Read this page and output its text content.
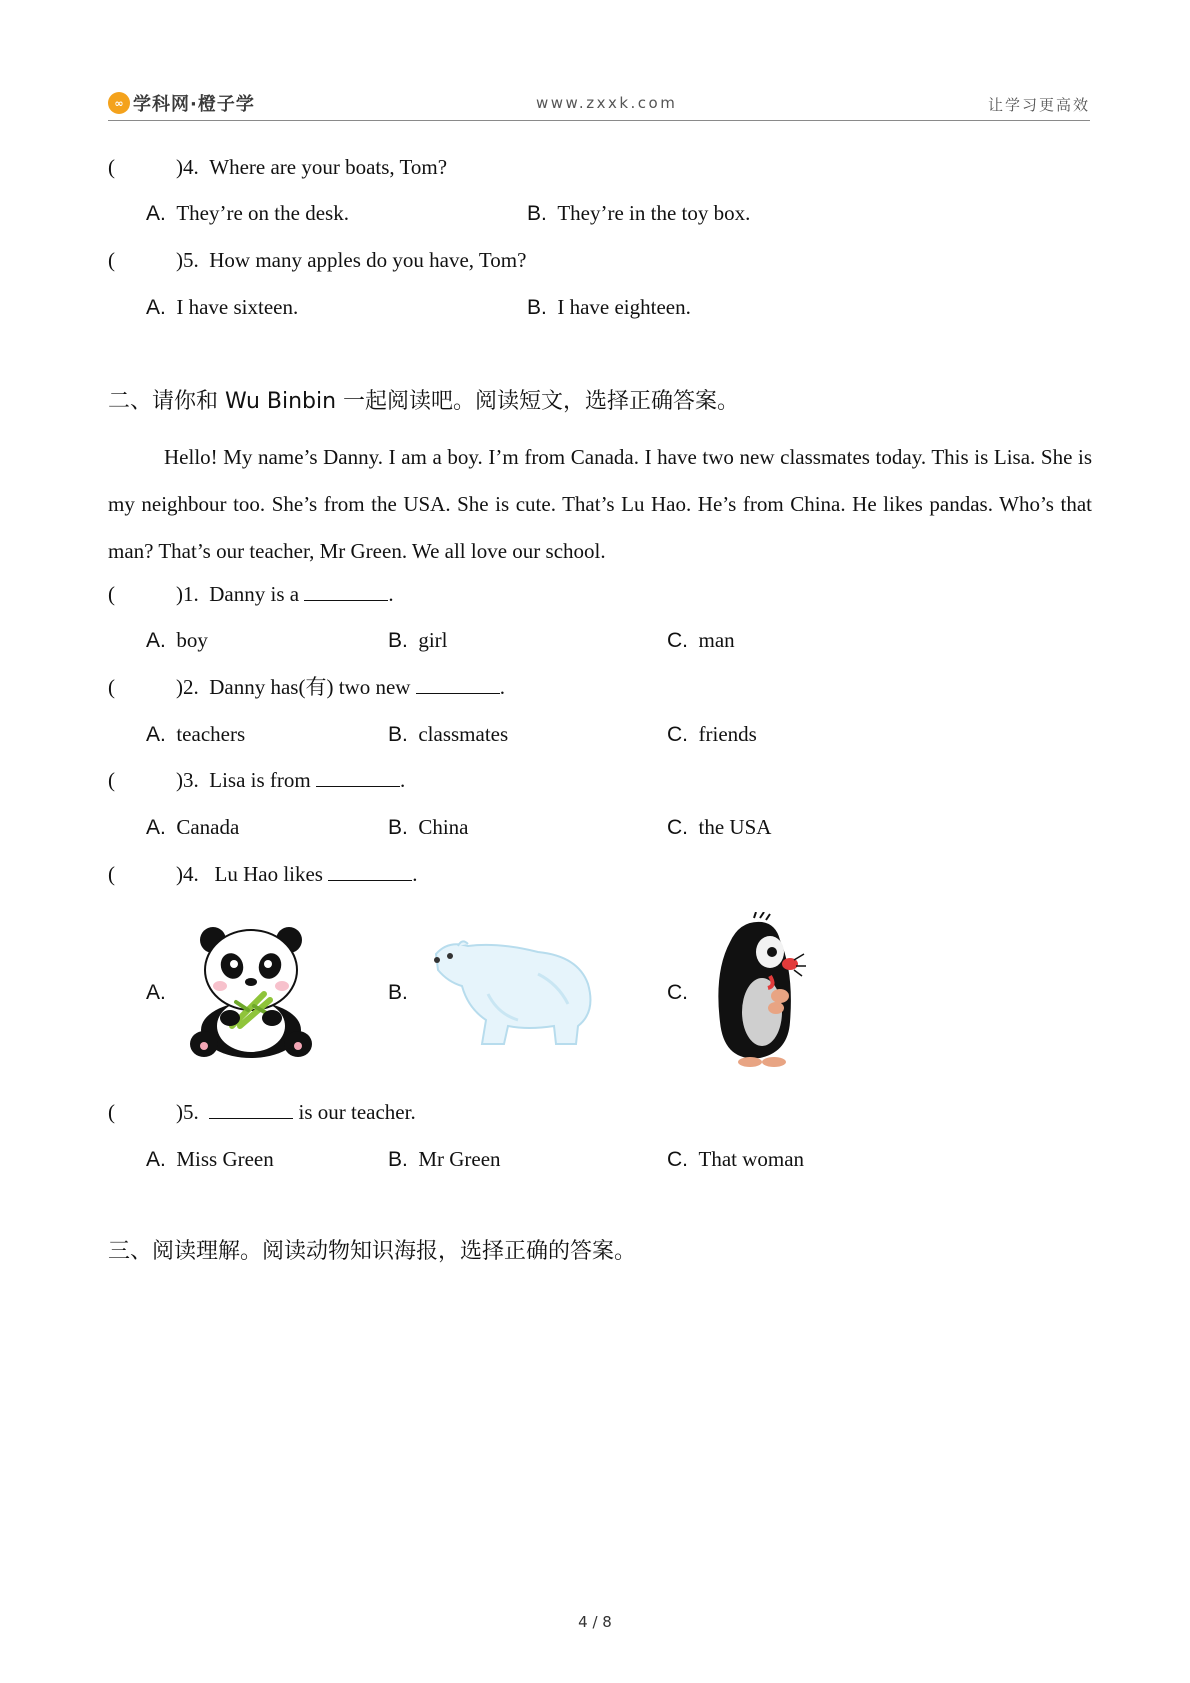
∞ 学科网·橙子学	www.zxxk.com	让学习更高效
(	)4. Where are your boats, Tom?
A. They’re on the desk.	B. They’re in the toy box.
(	)5. How many apples do you have, Tom?
A. I have sixteen.	B. I have eighteen.
二、请你和 Wu Binbin 一起阅读吧。阅读短文，选择正确答案。
Hello! My name’s Danny. I am a boy. I’m from Canada. I have two new classmates today. This is Lisa. She is my neighbour too. She’s from the USA. She is cute. That’s Lu Hao. He’s from China. He likes pandas. Who’s that man? That’s our teacher, Mr Green. We all love our school.
(	)1. Danny is a	.
A. boy	B. girl	C. man
(	)2. Danny has(有) two new	.
A. teachers	B. classmates	C. friends
(	)3. Lisa is from	.
A. Canada	B. China	C. the USA
(	)4. Lu Hao likes	.
A.	B.	C.
(	)5.	is our teacher.
A. Miss Green	B. Mr Green	C. That woman
三、阅读理解。阅读动物知识海报，选择正确的答案。
4 / 8
